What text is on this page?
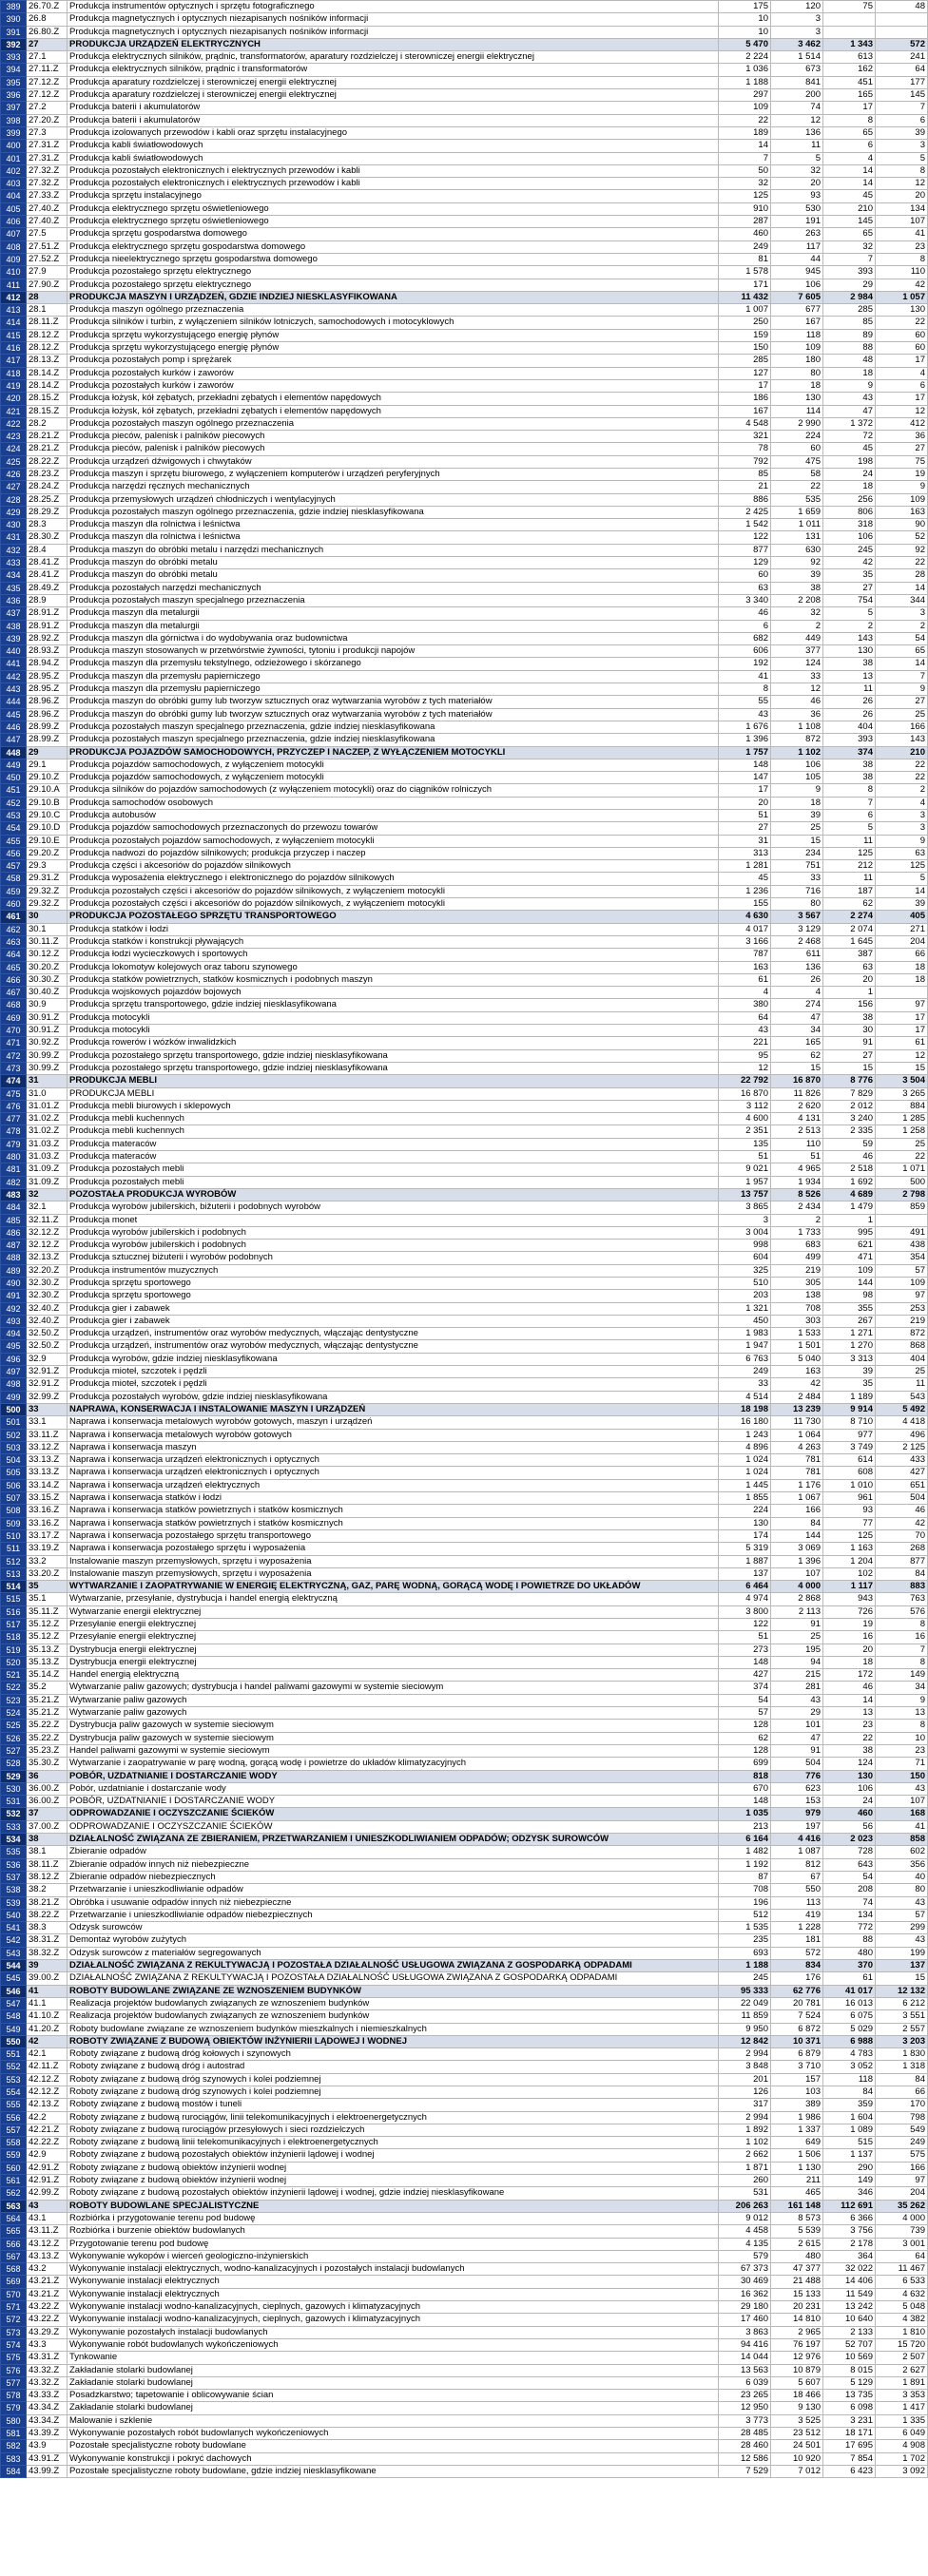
389	26.70.Z	Produkcja instrumentów optycznych i sprzętu fotograficznego	175	120	75	48
390	26.8	Produkcja magnetycznych i optycznych niezapisanych nośników informacji	10	3		
391	26.80.Z	Produkcja magnetycznych i optycznych niezapisanych nośników informacji	10	3		
392	27	PRODUKCJA URZĄDZEŃ ELEKTRYCZNYCH	5 470	3 462	1 343	572
393	27.1	Produkcja elektrycznych silników, prądnic, transformatorów, aparatury rozdzielczej i sterowniczej energii elektrycznej	2 224	1 514	613	241
394	27.11.Z	Produkcja elektrycznych silników, prądnic i transformatorów	1 036	673	162	64
395	27.12.Z	Produkcja aparatury rozdzielczej i sterowniczej energii elektrycznej	1 188	841	451	177
396	27.12.Z	Produkcja aparatury rozdzielczej i sterowniczej energii elektrycznej	297	200	165	145
397	27.2	Produkcja baterii i akumulatorów	109	74	17	7
398	27.20.Z	Produkcja baterii i akumulatorów	22	12	8	6
399	27.3	Produkcja izolowanych przewodów i kabli oraz sprzętu instalacyjnego	189	136	65	39
400	27.31.Z	Produkcja kabli światłowodowych	14	11	6	3
401	27.31.Z	Produkcja kabli światłowodowych	7	5	4	5
402	27.32.Z	Produkcja pozostałych elektronicznych i elektrycznych przewodów i kabli	50	32	14	8
403	27.32.Z	Produkcja pozostałych elektronicznych i elektrycznych przewodów i kabli	32	20	14	12
404	27.33.Z	Produkcja sprzętu instalacyjnego	125	93	45	20
405	27.40.Z	Produkcja elektrycznego sprzętu oświetleniowego	910	530	210	134
406	27.40.Z	Produkcja elektrycznego sprzętu oświetleniowego	287	191	145	107
407	27.5	Produkcja sprzętu gospodarstwa domowego	460	263	65	41
408	27.51.Z	Produkcja elektrycznego sprzętu gospodarstwa domowego	249	117	32	23
409	27.52.Z	Produkcja nieelektrycznego sprzętu gospodarstwa domowego	81	44	7	8
410	27.9	Produkcja pozostałego sprzętu elektrycznego	1 578	945	393	110
411	27.90.Z	Produkcja pozostałego sprzętu elektrycznego	171	106	29	42
412	28	PRODUKCJA MASZYN I URZĄDZEŃ, GDZIE INDZIEJ NIESKLASYFIKOWANA	11 432	7 605	2 984	1 057
413	28.1	Produkcja maszyn ogólnego przeznaczenia	1 007	677	285	130
414	28.11.Z	Produkcja silników i turbin, z wyłączeniem silników lotniczych, samochodowych i motocyklowych	250	167	85	22
415	28.12.Z	Produkcja sprzętu wykorzystującego energię płynów	159	118	89	60
416	28.12.Z	Produkcja sprzętu wykorzystującego energię płynów	150	109	88	60
417	28.13.Z	Produkcja pozostałych pomp i sprężarek	285	180	48	17
418	28.14.Z	Produkcja pozostałych kurków i zaworów	127	80	18	4
419	28.14.Z	Produkcja pozostałych kurków i zaworów	17	18	9	6
420	28.15.Z	Produkcja łożysk, kół zębatych, przekładni zębatych i elementów napędowych	186	130	43	17
421	28.15.Z	Produkcja łożysk, kół zębatych, przekładni zębatych i elementów napędowych	167	114	47	12
422	28.2	Produkcja pozostałych maszyn ogólnego przeznaczenia	4 548	2 990	1 372	412
423	28.21.Z	Produkcja pieców, palenisk i palników piecowych	321	224	72	36
424	28.21.Z	Produkcja pieców, palenisk i palników piecowych	78	60	45	27
425	28.22.Z	Produkcja urządzeń dźwigowych i chwytaków	792	475	198	75
426	28.23.Z	Produkcja maszyn i sprzętu biurowego, z wyłączeniem komputerów i urządzeń peryferyjnych	85	58	24	19
427	28.24.Z	Produkcja narzędzi ręcznych mechanicznych	21	22	18	9
428	28.25.Z	Produkcja przemysłowych urządzeń chłodniczych i wentylacyjnych	886	535	256	109
429	28.29.Z	Produkcja pozostałych maszyn ogólnego przeznaczenia, gdzie indziej niesklasyfikowana	2 425	1 659	806	163
430	28.3	Produkcja maszyn dla rolnictwa i leśnictwa	1 542	1 011	318	90
431	28.30.Z	Produkcja maszyn dla rolnictwa i leśnictwa	122	131	106	52
432	28.4	Produkcja maszyn do obróbki metalu i narzędzi mechanicznych	877	630	245	92
433	28.41.Z	Produkcja maszyn do obróbki metalu	129	92	42	22
434	28.41.Z	Produkcja maszyn do obróbki metalu	60	39	35	28
435	28.49.Z	Produkcja pozostałych narzędzi mechanicznych	63	38	27	14
436	28.9	Produkcja pozostałych maszyn specjalnego przeznaczenia	3 340	2 208	754	344
437	28.91.Z	Produkcja maszyn dla metalurgii	46	32	5	3
438	28.91.Z	Produkcja maszyn dla metalurgii	6	2	2	2
439	28.92.Z	Produkcja maszyn dla górnictwa i do wydobywania oraz budownictwa	682	449	143	54
440	28.93.Z	Produkcja maszyn stosowanych w przetwórstwie żywności, tytoniu i produkcji napojów	606	377	130	65
441	28.94.Z	Produkcja maszyn dla przemysłu tekstylnego, odzieżowego i skórzanego	192	124	38	14
442	28.95.Z	Produkcja maszyn dla przemysłu papierniczego	41	33	13	7
443	28.95.Z	Produkcja maszyn dla przemysłu papierniczego	8	12	11	9
444	28.96.Z	Produkcja maszyn do obróbki gumy lub tworzyw sztucznych oraz wytwarzania wyrobów z tych materiałów	55	46	26	27
445	28.96.Z	Produkcja maszyn do obróbki gumy lub tworzyw sztucznych oraz wytwarzania wyrobów z tych materiałów	43	36	26	25
446	28.99.Z	Produkcja pozostałych maszyn specjalnego przeznaczenia, gdzie indziej niesklasyfikowana	1 676	1 108	404	166
447	28.99.Z	Produkcja pozostałych maszyn specjalnego przeznaczenia, gdzie indziej niesklasyfikowana	1 396	872	393	143
448	29	PRODUKCJA POJAZDÓW SAMOCHODOWYCH, PRZYCZEP I NACZEP, Z WYŁĄCZENIEM MOTOCYKLI	1 757	1 102	374	210
449	29.1	Produkcja pojazdów samochodowych, z wyłączeniem motocykli	148	106	38	22
450	29.10.Z	Produkcja pojazdów samochodowych, z wyłączeniem motocykli	147	105	38	22
451	29.10.A	Produkcja silników do pojazdów samochodowych (z wyłączeniem motocykli) oraz do ciągników rolniczych	17	9	8	2
452	29.10.B	Produkcja samochodów osobowych	20	18	7	4
453	29.10.C	Produkcja autobusów	51	39	6	3
454	29.10.D	Produkcja pojazdów samochodowych przeznaczonych do przewozu towarów	27	25	5	3
455	29.10.E	Produkcja pozostałych pojazdów samochodowych, z wyłączeniem motocykli	31	15	11	9
456	29.20.Z	Produkcja nadwozi do pojazdów silnikowych; produkcja przyczep i naczep	313	234	125	63
457	29.3	Produkcja części i akcesoriów do pojazdów silnikowych	1 281	751	212	125
458	29.31.Z	Produkcja wyposażenia elektrycznego i elektronicznego do pojazdów silnikowych	45	33	11	5
459	29.32.Z	Produkcja pozostałych części i akcesoriów do pojazdów silnikowych, z wyłączeniem motocykli	1 236	716	187	14
460	29.32.Z	Produkcja pozostałych części i akcesoriów do pojazdów silnikowych, z wyłączeniem motocykli	155	80	62	39
461	30	PRODUKCJA POZOSTAŁEGO SPRZĘTU TRANSPORTOWEGO	4 630	3 567	2 274	405
462	30.1	Produkcja statków i łodzi	4 017	3 129	2 074	271
463	30.11.Z	Produkcja statków i konstrukcji pływających	3 166	2 468	1 645	204
464	30.12.Z	Produkcja łodzi wycieczkowych i sportowych	787	611	387	66
465	30.20.Z	Produkcja lokomotyw kolejowych oraz taboru szynowego	163	136	63	18
466	30.30.Z	Produkcja statków powietrznych, statków kosmicznych i podobnych maszyn	61	26	20	18
467	30.40.Z	Produkcja wojskowych pojazdów bojowych	4	4	1	
468	30.9	Produkcja sprzętu transportowego, gdzie indziej niesklasyfikowana	380	274	156	97
469	30.91.Z	Produkcja motocykli	64	47	38	17
470	30.91.Z	Produkcja motocykli	43	34	30	17
471	30.92.Z	Produkcja rowerów i wózków inwalidzkich	221	165	91	61
472	30.99.Z	Produkcja pozostałego sprzętu transportowego, gdzie indziej niesklasyfikowana	95	62	27	12
473	30.99.Z	Produkcja pozostałego sprzętu transportowego, gdzie indziej niesklasyfikowana	12	15	15	15
474	31	PRODUKCJA MEBLI	22 792	16 870	8 776	3 504
475	31.0	PRODUKCJA MEBLI	16 870	11 826	7 829	3 265
476	31.01.Z	Produkcja mebli biurowych i sklepowych	3 112	2 620	2 012	884
477	31.02.Z	Produkcja mebli kuchennych	4 600	4 131	3 240	1 285
478	31.02.Z	Produkcja mebli kuchennych	2 351	2 513	2 335	1 258
479	31.03.Z	Produkcja materaców	135	110	59	25
480	31.03.Z	Produkcja materaców	51	51	46	22
481	31.09.Z	Produkcja pozostałych mebli	9 021	4 965	2 518	1 071
482	31.09.Z	Produkcja pozostałych mebli	1 957	1 934	1 692	500
483	32	POZOSTAŁA PRODUKCJA WYROBÓW	13 757	8 526	4 689	2 798
484	32.1	Produkcja wyrobów jubilerskich, bižuterii i podobnych wyrobów	3 865	2 434	1 479	859
485	32.11.Z	Produkcja monet	3	2	1	
486	32.12.Z	Produkcja wyrobów jubilerskich i podobnych	3 004	1 733	995	491
487	32.12.Z	Produkcja wyrobów jubilerskich i podobnych	998	683	621	438
488	32.13.Z	Produkcja sztucznej biżuterii i wyrobów podobnych	604	499	471	354
489	32.20.Z	Produkcja instrumentów muzycznych	325	219	109	57
490	32.30.Z	Produkcja sprzętu sportowego	510	305	144	109
491	32.30.Z	Produkcja sprzętu sportowego	203	138	98	97
492	32.40.Z	Produkcja gier i zabawek	1 321	708	355	253
493	32.40.Z	Produkcja gier i zabawek	450	303	267	219
494	32.50.Z	Produkcja urządzeń, instrumentów oraz wyrobów medycznych, włączając dentystyczne	1 983	1 533	1 271	872
495	32.50.Z	Produkcja urządzeń, instrumentów oraz wyrobów medycznych, włączając dentystyczne	1 947	1 501	1 270	868
496	32.9	Produkcja wyrobów, gdzie indziej niesklasyfikowana	6 763	5 040	3 313	404
497	32.91.Z	Produkcja mioteł, szczotek i pędzli	249	163	39	25
498	32.91.Z	Produkcja mioteł, szczotek i pędzli	33	42	35	11
499	32.99.Z	Produkcja pozostałych wyrobów, gdzie indziej niesklasyfikowana	4 514	2 484	1 189	543
500	33	NAPRAWA, KONSERWACJA I INSTALOWANIE MASZYN I URZĄDZEŃ	18 198	13 239	9 914	5 492
501	33.1	Naprawa i konserwacja metalowych wyrobów gotowych, maszyn i urządzeń	16 180	11 730	8 710	4 418
502	33.11.Z	Naprawa i konserwacja metalowych wyrobów gotowych	1 243	1 064	977	496
503	33.12.Z	Naprawa i konserwacja maszyn	4 896	4 263	3 749	2 125
504	33.13.Z	Naprawa i konserwacja urządzeń elektronicznych i optycznych	1 024	781	614	433
505	33.13.Z	Naprawa i konserwacja urządzeń elektronicznych i optycznych	1 024	781	608	427
506	33.14.Z	Naprawa i konserwacja urządzeń elektrycznych	1 445	1 176	1 010	651
507	33.15.Z	Naprawa i konserwacja statków i łodzi	1 855	1 067	961	504
508	33.16.Z	Naprawa i konserwacja statków powietrznych i statków kosmicznych	224	166	93	46
509	33.16.Z	Naprawa i konserwacja statków powietrznych i statków kosmicznych	130	84	77	42
510	33.17.Z	Naprawa i konserwacja pozostałego sprzętu transportowego	174	144	125	70
511	33.19.Z	Naprawa i konserwacja pozostałego sprzętu i wyposażenia	5 319	3 069	1 163	268
512	33.2	Instalowanie maszyn przemysłowych, sprzętu i wyposażenia	1 887	1 396	1 204	877
513	33.20.Z	Instalowanie maszyn przemysłowych, sprzętu i wyposażenia	137	107	102	84
514	35	WYTWARZANIE I ZAOPATRYWANIE W ENERGIĘ ELEKTRYCZNĄ, GAZ, PARĘ WODNĄ, GORĄCĄ WODĘ I POWIETRZE DO UKŁADÓW	6 464	4 000	1 117	883
515	35.1	Wytwarzanie, przesyłanie, dystrybucja i handel energią elektryczną	4 974	2 868	943	763
516	35.11.Z	Wytwarzanie energii elektrycznej	3 800	2 113	726	576
517	35.12.Z	Przesyłanie energii elektrycznej	122	91	19	8
518	35.12.Z	Przesyłanie energii elektrycznej	51	25	16	16
519	35.13.Z	Dystrybucja energii elektrycznej	273	195	20	7
520	35.13.Z	Dystrybucja energii elektrycznej	148	94	18	8
521	35.14.Z	Handel energią elektryczną	427	215	172	149
522	35.2	Wytwarzanie paliw gazowych; dystrybucja i handel paliwami gazowymi w systemie sieciowym	374	281	46	34
523	35.21.Z	Wytwarzanie paliw gazowych	54	43	14	9
524	35.21.Z	Wytwarzanie paliw gazowych	57	29	13	13
525	35.22.Z	Dystrybucja paliw gazowych w systemie sieciowym	128	101	23	8
526	35.22.Z	Dystrybucja paliw gazowych w systemie sieciowym	62	47	22	10
527	35.23.Z	Handel paliwami gazowymi w systemie sieciowym	128	91	38	23
528	35.30.Z	Wytwarzanie i zaopatrywanie w parę wodną, gorącą wodę i powietrze do układów klimatyzacyjnych	699	504	124	71
529	36	POBÓR, UZDATNIANIE I DOSTARCZANIE WODY	818	776	130	150
530	36.00.Z	Pobór, uzdatnianie i dostarczanie wody	670	623	106	43
531	36.00.Z	POBÓR, UZDATNIANIE I DOSTARCZANIE WODY	148	153	24	107
532	37	ODPROWADZANIE I OCZYSZCZANIE ŚCIEKÓW	1 035	979	460	168
533	37.00.Z	ODPROWADZANIE I OCZYSZCZANIE ŚCIEKÓW	213	197	56	41
534	38	DZIAŁALNOŚĆ ZWIĄZANA ZE ZBIERANIEM, PRZETWARZANIEM I UNIESZKODLIWIANIEM ODPADÓW; ODZYSK SUROWCÓW	6 164	4 416	2 023	858
535	38.1	Zbieranie odpadów	1 482	1 087	728	602
536	38.11.Z	Zbieranie odpadów innych niż niebezpieczne	1 192	812	643	356
537	38.12.Z	Zbieranie odpadów niebezpiecznych	87	67	54	40
538	38.2	Przetwarzanie i unieszkodliwianie odpadów	708	550	208	80
539	38.21.Z	Obróbka i usuwanie odpadów innych niż niebezpieczne	196	113	74	43
540	38.22.Z	Przetwarzanie i unieszkodliwianie odpadów niebezpiecznych	512	419	134	57
541	38.3	Odzysk surowców	1 535	1 228	772	299
542	38.31.Z	Demontaż wyrobów zużytych	235	181	88	43
543	38.32.Z	Odzysk surowców z materiałów segregowanych	693	572	480	199
544	39	DZIAŁALNOŚĆ ZWIĄZANA Z REKULTYWACJĄ I POZOSTAŁA DZIAŁALNOŚĆ USŁUGOWA ZWIĄZANA Z GOSPODARKĄ ODPADAMI	1 188	834	370	137
545	39.00.Z	DZIAŁALNOŚĆ ZWIĄZANA Z REKULTYWACJĄ I POZOSTAŁA DZIAŁALNOŚĆ USŁUGOWA ZWIĄZANA Z GOSPODARKĄ ODPADAMI	245	176	61	15
546	41	ROBOTY BUDOWLANE ZWIĄZANE ZE WZNOSZENIEM BUDYNKÓW	95 333	62 776	41 017	12 132
547	41.1	Realizacja projektów budowlanych związanych ze wznoszeniem budynków	22 049	20 781	16 013	6 212
548	41.10.Z	Realizacja projektów budowlanych związanych ze wznoszeniem budynków	11 859	7 524	6 075	3 551
549	41.20.Z	Roboty budowlane związane ze wznoszeniem budynków mieszkalnych i niemieszkalnych	9 950	6 872	5 029	2 557
550	42	ROBOTY ZWIĄZANE Z BUDOWĄ OBIEKTÓW INŻYNIERII LĄDOWEJ I WODNEJ	12 842	10 371	6 988	3 203
551	42.1	Roboty związane z budową dróg kołowych i szynowych	2 994	6 879	4 783	1 830
552	42.11.Z	Roboty związane z budową dróg i autostrad	3 848	3 710	3 052	1 318
553	42.12.Z	Roboty związane z budową dróg szynowych i kolei podziemnej	201	157	118	84
554	42.12.Z	Roboty związane z budową dróg szynowych i kolei podziemnej	126	103	84	66
555	42.13.Z	Roboty związane z budową mostów i tuneli	317	389	359	170
556	42.2	Roboty związane z budową rurociągów, linii telekomunikacyjnych i elektroenergetycznych	2 994	1 986	1 604	798
557	42.21.Z	Roboty związane z budową rurociągów przesyłowych i sieci rozdzielczych	1 892	1 337	1 089	549
558	42.22.Z	Roboty związane z budową linii telekomunikacyjnych i elektroenergetycznych	1 102	649	515	249
559	42.9	Roboty związane z budową pozostałych obiektów inżynierii lądowej i wodnej	2 662	1 506	1 137	575
560	42.91.Z	Roboty związane z budową obiektów inżynierii wodnej	1 871	1 130	290	166
561	42.91.Z	Roboty związane z budową obiektów inżynierii wodnej	260	211	149	97
562	42.99.Z	Roboty związane z budową pozostałych obiektów inżynierii lądowej i wodnej, gdzie indziej niesklasyfikowane	531	465	346	204
563	43	ROBOTY BUDOWLANE SPECJALISTYCZNE	206 263	161 148	112 691	35 262
564	43.1	Rozbiórka i przygotowanie terenu pod budowę	9 012	8 573	6 366	4 000
565	43.11.Z	Rozbiórka i burzenie obiektów budowlanych	4 458	5 539	3 756	739
566	43.12.Z	Przygotowanie terenu pod budowę	4 135	2 615	2 178	3 001
567	43.13.Z	Wykonywanie wykopów i wierceń geologiczno-inżynierskich	579	480	364	64
568	43.2	Wykonywanie instalacji elektrycznych, wodno-kanalizacyjnych i pozostałych instalacji budowlanych	67 373	47 377	32 022	11 467
569	43.21.Z	Wykonywanie instalacji elektrycznych	30 469	21 488	14 406	6 533
570	43.21.Z	Wykonywanie instalacji elektrycznych	16 362	15 133	11 549	4 632
571	43.22.Z	Wykonywanie instalacji wodno-kanalizacyjnych, cieplnych, gazowych i klimatyzacyjnych	29 180	20 231	13 242	5 048
572	43.22.Z	Wykonywanie instalacji wodno-kanalizacyjnych, cieplnych, gazowych i klimatyzacyjnych	17 460	14 810	10 640	4 382
573	43.29.Z	Wykonywanie pozostałych instalacji budowlanych	3 863	2 965	2 133	1 810
574	43.3	Wykonywanie robót budowlanych wykończeniowych	94 416	76 197	52 707	15 720
575	43.31.Z	Tynkowanie	14 044	12 976	10 569	2 507
576	43.32.Z	Zakładanie stolarki budowlanej	13 563	10 879	8 015	2 627
577	43.32.Z	Zakładanie stolarki budowlanej	6 039	5 607	5 129	1 891
578	43.33.Z	Posadzkarstwo; tapetowanie i oblicowywanie ścian	23 265	18 466	13 735	3 353
579	43.34.Z	Zakładanie stolarki budowlanej	12 950	9 130	6 098	1 417
580	43.34.Z	Malowanie i szklenie	3 773	3 525	3 231	1 335
581	43.39.Z	Wykonywanie pozostałych robót budowlanych wykończeniowych	28 485	23 512	18 171	6 049
582	43.9	Pozostałe specjalistyczne roboty budowlane	28 460	24 501	17 695	4 908
583	43.91.Z	Wykonywanie konstrukcji i pokryć dachowych	12 586	10 920	7 854	1 702
584	43.99.Z	Pozostałe specjalistyczne roboty budowlane, gdzie indziej niesklasyfikowane	7 529	7 012	6 423	3 092
